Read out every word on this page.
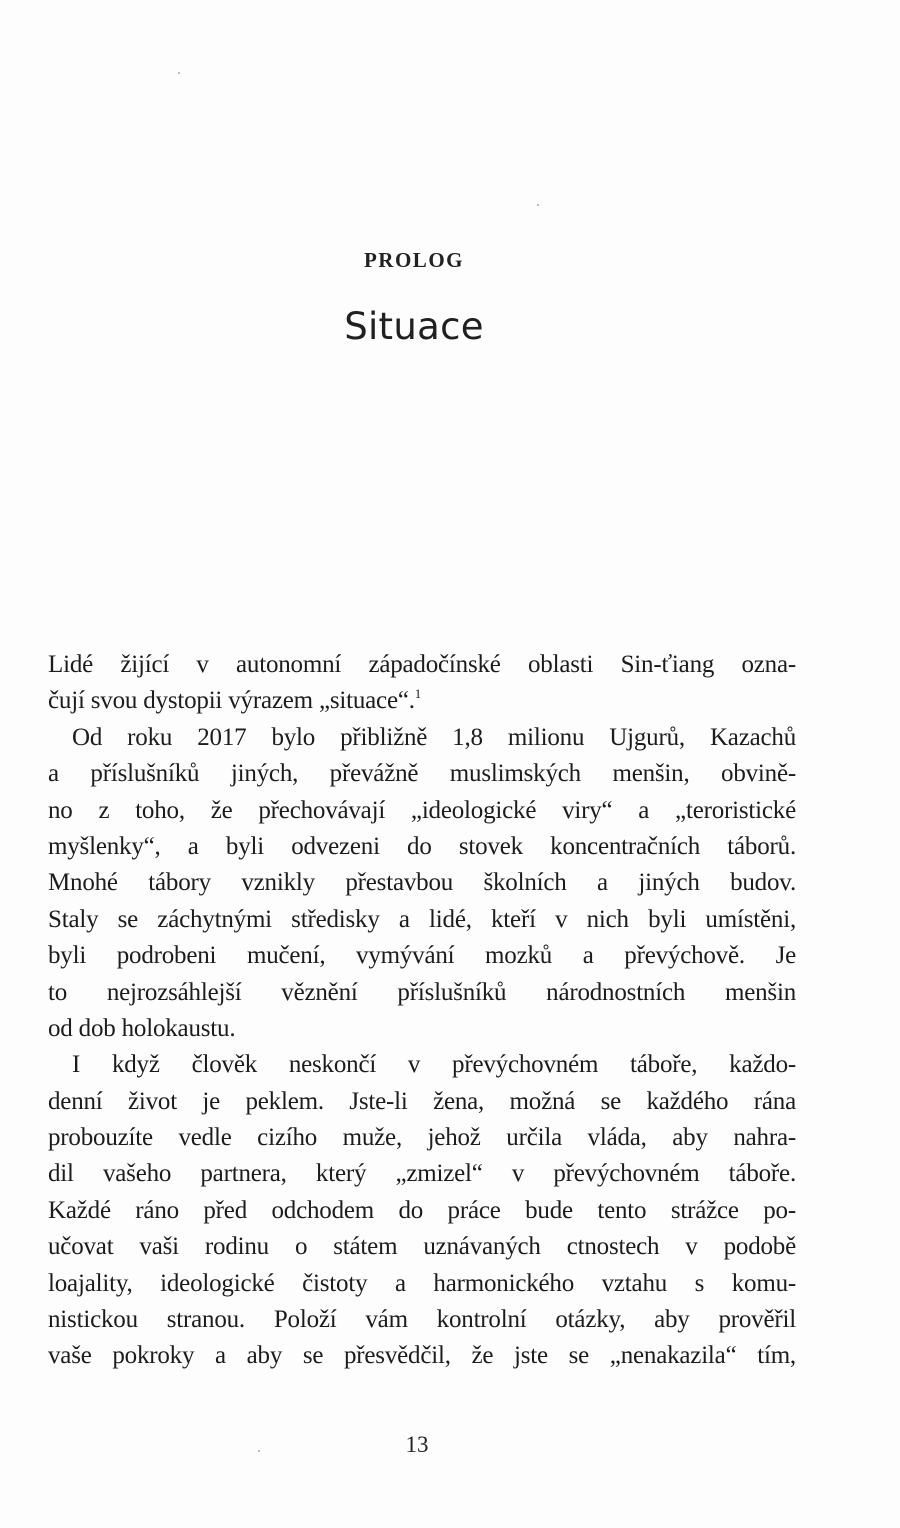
PROLOG
Situace
Lidé žijící v autonomní západočínské oblasti Sin-ťiang ozna-
čují svou dystopii výrazem „situace“.$^1$
Od roku 2017 bylo přibližně 1,8 milionu Ujgurů, Kazachů
a příslušníků jiných, převážně muslimských menšin, obvině-
no z toho, že přechovávají „ideologické viry“ a „teroristické
myšlenky“, a byli odvezeni do stovek koncentračních táborů.
Mnohé tábory vznikly přestavbou školních a jiných budov.
Staly se záchytnými středisky a lidé, kteří v nich byli umístěni,
byli podrobeni mučení, vymývání mozků a převýchově. Je
to nejrozsáhlejší věznění příslušníků národnostních menšin
od dob holokaustu.
I když člověk neskončí v převýchovném táboře, každo-
denní život je peklem. Jste-li žena, možná se každého rána
probouzíte vedle cizího muže, jehož určila vláda, aby nahra-
dil vašeho partnera, který „zmizel“ v převýchovném táboře.
Každé ráno před odchodem do práce bude tento strážce po-
učovat vaši rodinu o státem uznávaných ctnostech v podobě
loajality, ideologické čistoty a harmonického vztahu s komu-
nistickou stranou. Položí vám kontrolní otázky, aby prověřil
vaše pokroky a aby se přesvědčil, že jste se „nenakazila“ tím,
13
